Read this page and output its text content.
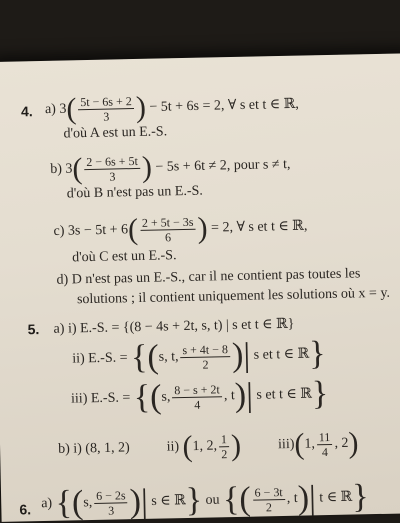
4. a) $3( \frac{5t - 6s + 2}{3}$ ) − 5t + 6s = 2, ∀ s et t ∈ ℝ,
d'où A est un E.-S.
b) $3( \frac{2 - 6s + 5t}{3}$ ) − 5s + 6t ≠ 2, pour s ≠ t,
d'où B n'est pas un E.-S.
c) $3s - 5t + 6( \frac{2 + 5t - 3s}{6}$ ) = 2, ∀ s et t ∈ ℝ,
d'où C est un E.-S.
d) D n'est pas un E.-S., car il ne contient pas toutes les
solutions ; il contient uniquement les solutions où x = y.
5. a) i) E.-S. = {(8 − 4s + 2t, s, t) | s et t ∈ ℝ}
ii) E.-S. = {(s, t, $\frac{s + 4t - 8}{2}$ )| s et t ∈ ℝ}
iii) E.-S. = {(s, $\frac{8 - s + 2t}{4}$ , t)| s et t ∈ ℝ}
b) i) (8, 1, 2)	ii) (1, 2, $\frac{1}{2}$ )	iii)(1, $\frac{11}{4}$ , 2)
6. a) {(s, $\frac{6 - 2s}{3}$ )| s ∈ ℝ} ou {( $\frac{6 - 3t}{2}$ , t)| t ∈ ℝ}
